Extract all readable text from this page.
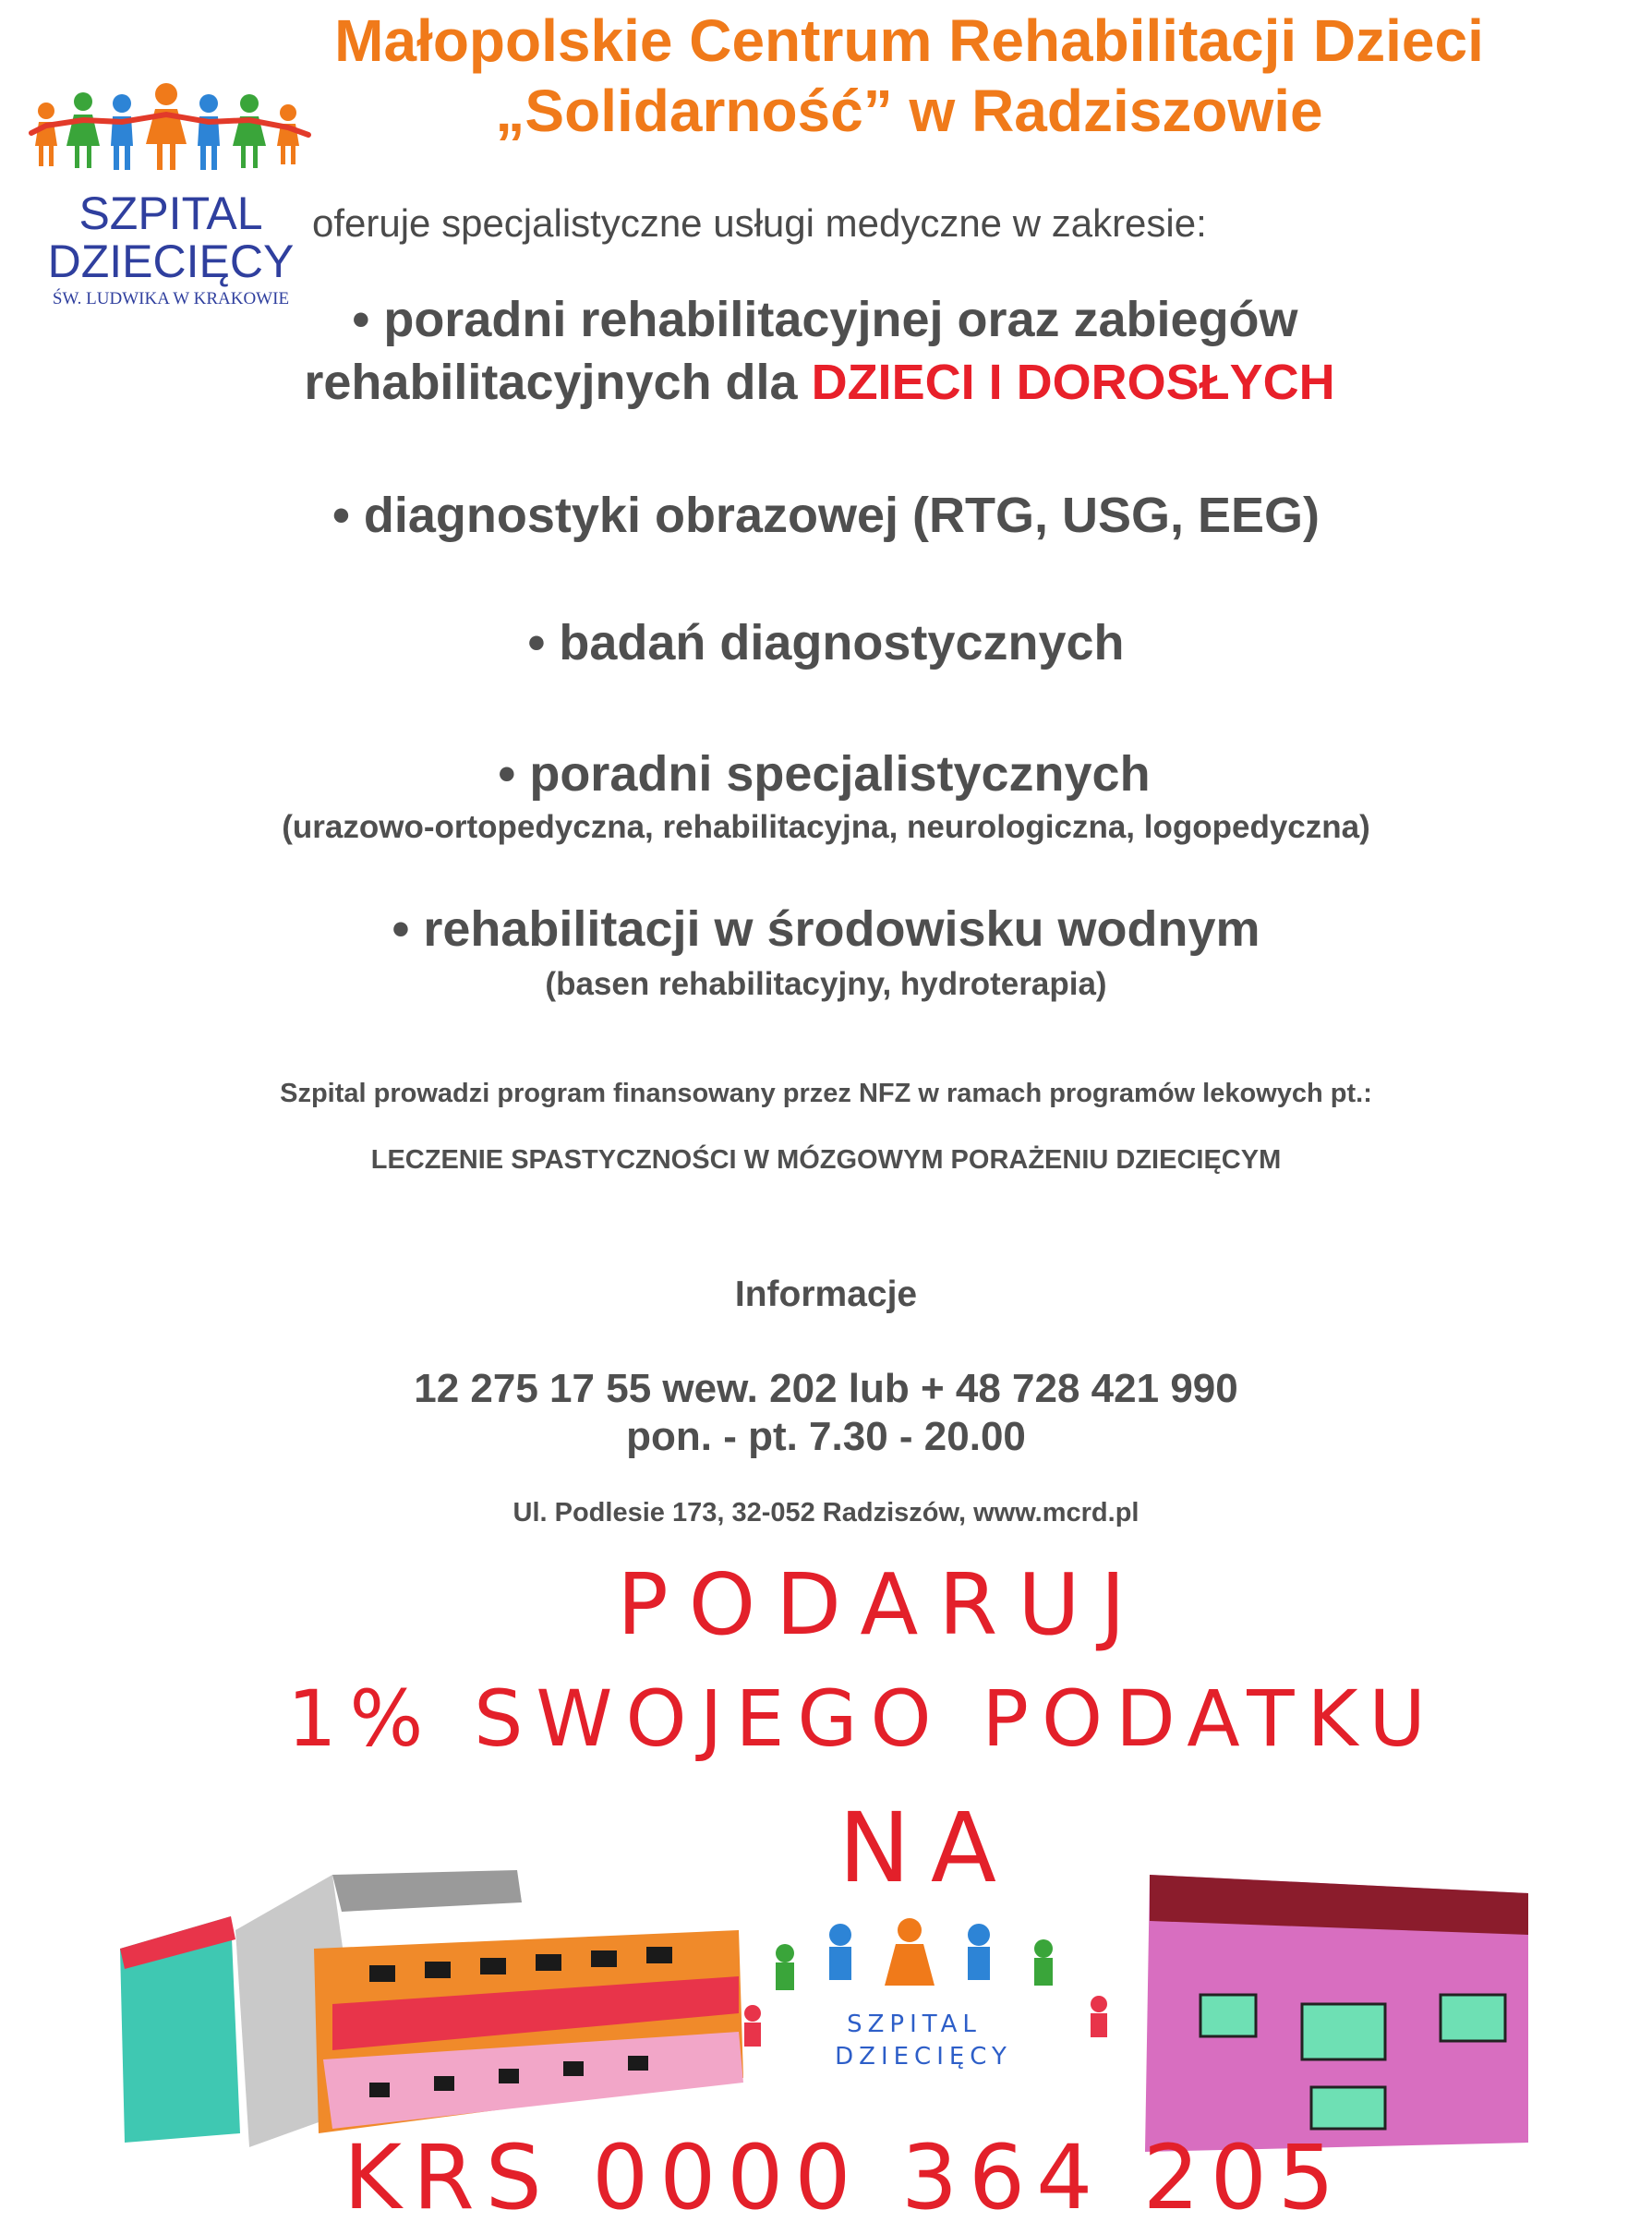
Małopolskie Centrum Rehabilitacji Dzieci
„Solidarność” w Radziszowie
SZPITAL
DZIECIĘCY
ŚW. LUDWIKA W KRAKOWIE
oferuje specjalistyczne usługi medyczne w zakresie:
• poradni rehabilitacyjnej oraz zabiegów
rehabilitacyjnych dla DZIECI I DOROSŁYCH
• diagnostyki obrazowej (RTG, USG, EEG)
• badań diagnostycznych
• poradni specjalistycznych
(urazowo-ortopedyczna, rehabilitacyjna, neurologiczna, logopedyczna)
• rehabilitacji w środowisku wodnym
(basen rehabilitacyjny, hydroterapia)
Szpital prowadzi program finansowany przez NFZ w ramach programów lekowych pt.:
LECZENIE SPASTYCZNOŚCI W MÓZGOWYM PORAŻENIU DZIECIĘCYM
Informacje
12 275 17 55 wew. 202 lub + 48 728 421 990
pon. - pt. 7.30 - 20.00
Ul. Podlesie 173, 32-052 Radziszów, www.mcrd.pl
PODARUJ
1% SWOJEGO PODATKU
NA
SZPITAL
DZIECIĘCY
KRS 0000 364 205
